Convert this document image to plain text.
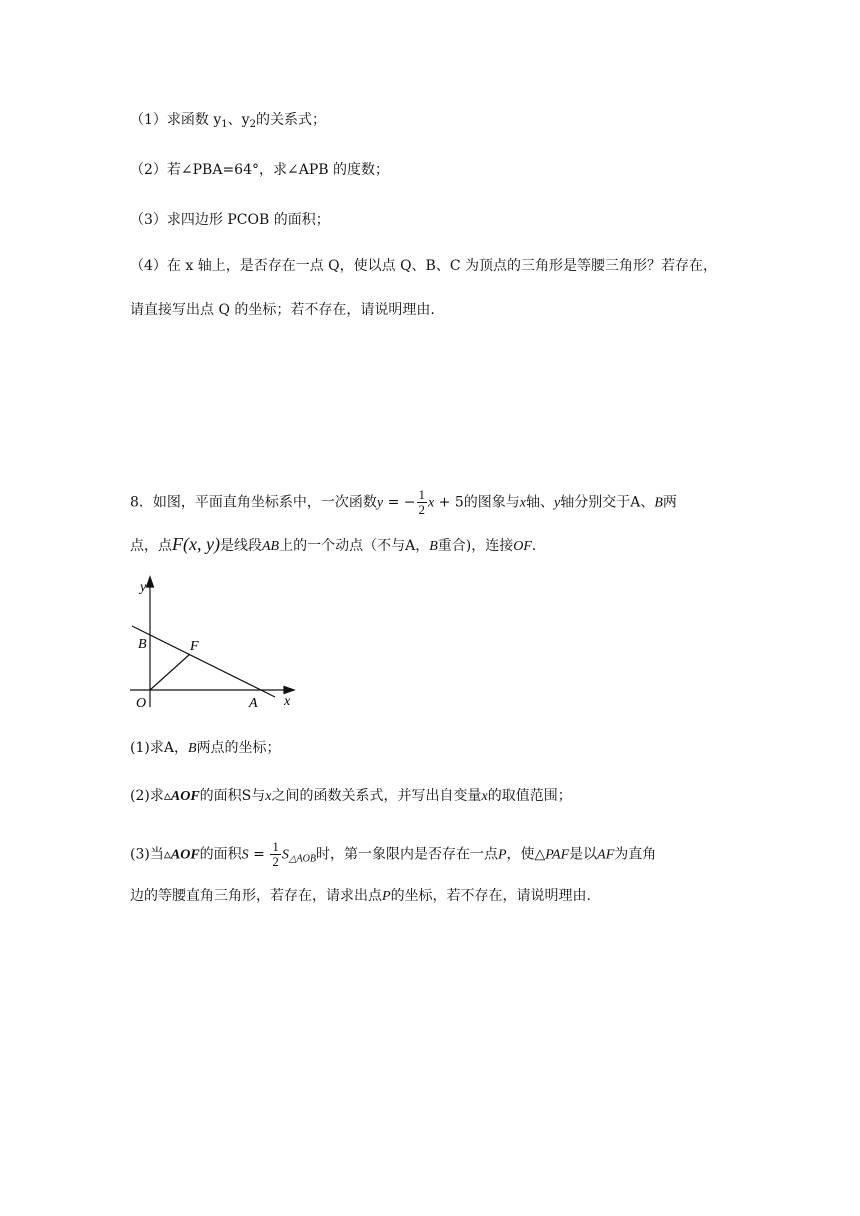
（1）求函数 $y_1$、$y_2$的关系式；
（2）若∠PBA=64°，求∠APB 的度数；
（3）求四边形 PCOB 的面积；
（4）在 x 轴上，是否存在一点 Q，使以点 Q、B、C 为顶点的三角形是等腰三角形？若存在，
请直接写出点 Q 的坐标；若不存在，请说明理由.
8．如图，平面直角坐标系中，一次函数y = − $\frac{1}{2}$ x + 5的图象与x轴、y轴分别交于A、B两
点，点F(x, y)是线段AB上的一个动点（不与A，B重合)，连接OF．
y
x
O	A
B	F
(1)求A，B两点的坐标；
(2)求▵AOF的面积S与x之间的函数关系式，并写出自变量x的取值范围；
(3)当▵AOF的面积$S = \frac{1}{2} S_{\triangle AOB}$时，第一象限内是否存在一点P，使△PAF是以AF为直角
边的等腰直角三角形，若存在，请求出点P的坐标，若不存在，请说明理由.
